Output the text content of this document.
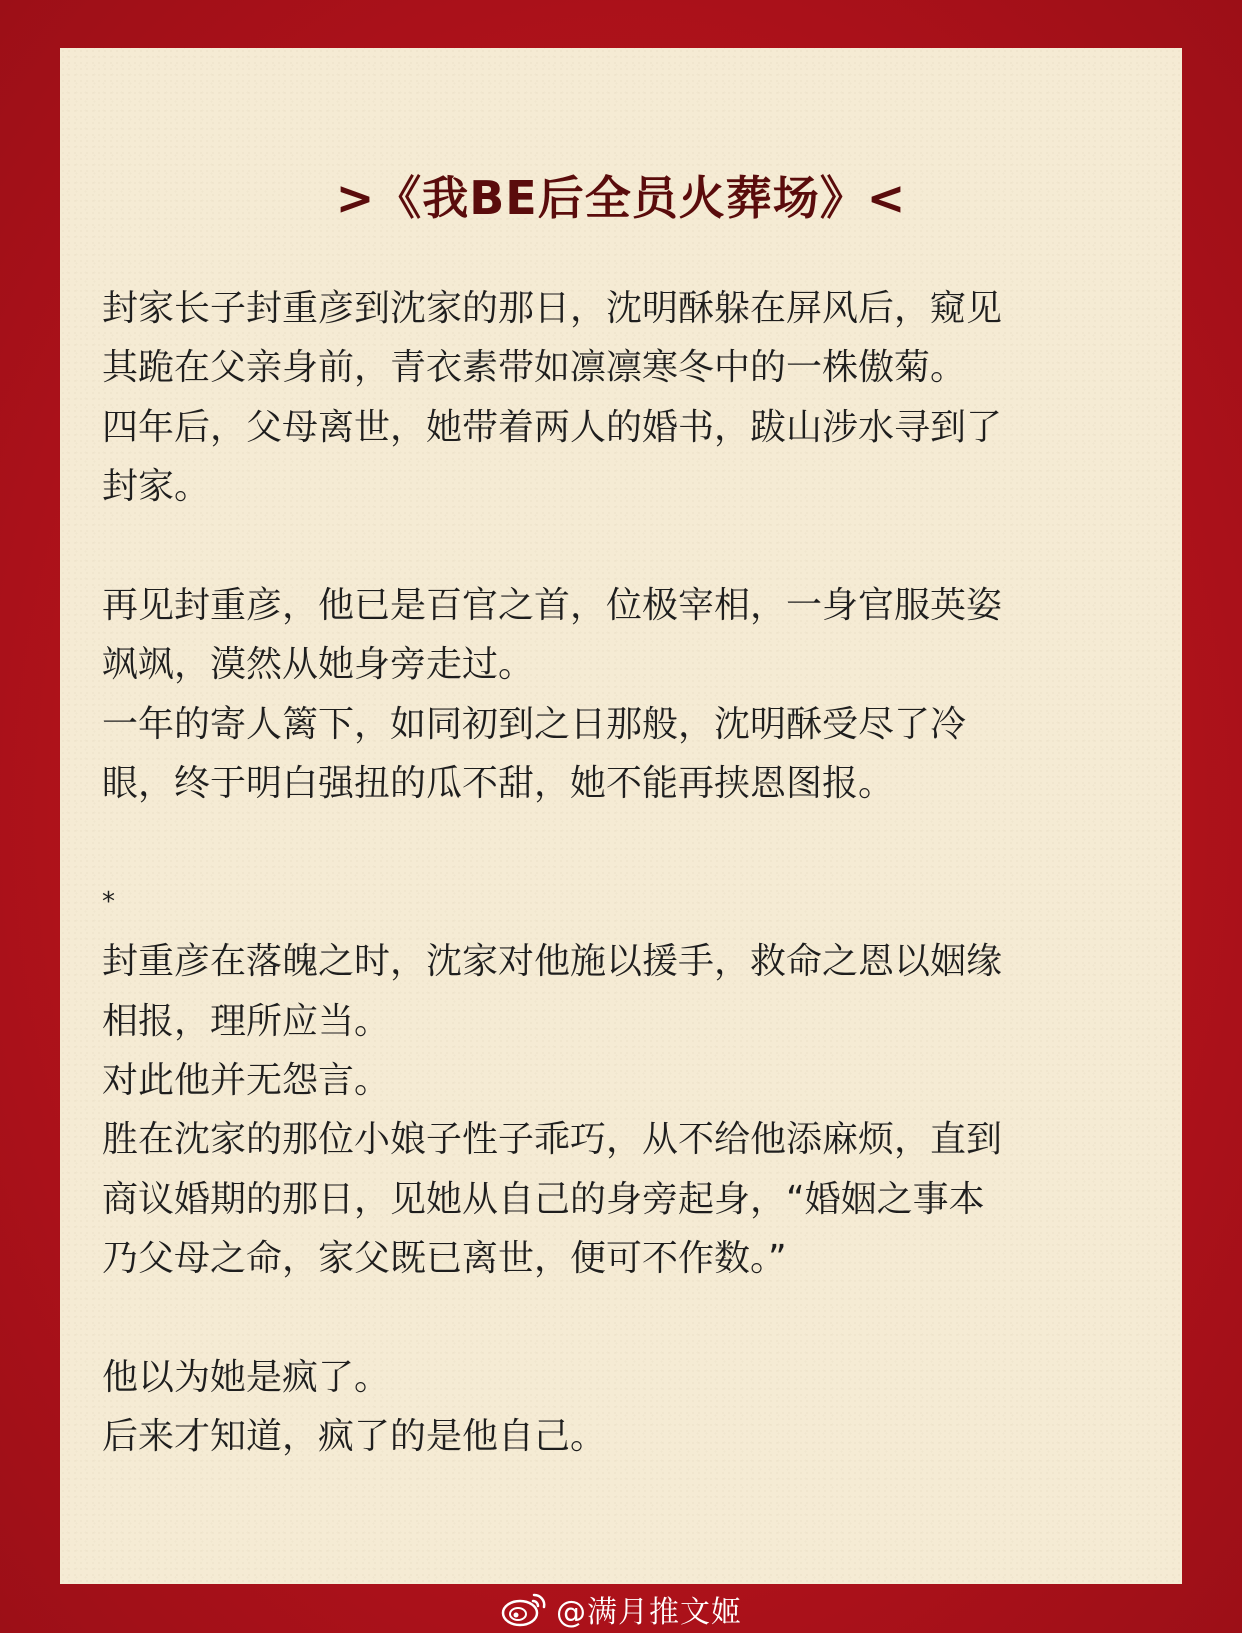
>《我BE后全员火葬场》<

封家长子封重彦到沈家的那日，沈明酥躲在屏风后，窥见

其跪在父亲身前，青衣素带如凛凛寒冬中的一株傲菊。

四年后，父母离世，她带着两人的婚书，跋山涉水寻到了

封家。

再见封重彦，他已是百官之首，位极宰相，一身官服英姿

飒飒，漠然从她身旁走过。

一年的寄人篱下，如同初到之日那般，沈明酥受尽了冷

眼，终于明白强扭的瓜不甜，她不能再挟恩图报。

*

封重彦在落魄之时，沈家对他施以援手，救命之恩以姻缘

相报，理所应当。

对此他并无怨言。

胜在沈家的那位小娘子性子乖巧，从不给他添麻烦，直到

商议婚期的那日，见她从自己的身旁起身，“婚姻之事本

乃父母之命，家父既已离世，便可不作数。”

他以为她是疯了。

后来才知道，疯了的是他自己。

@满月推文姬
